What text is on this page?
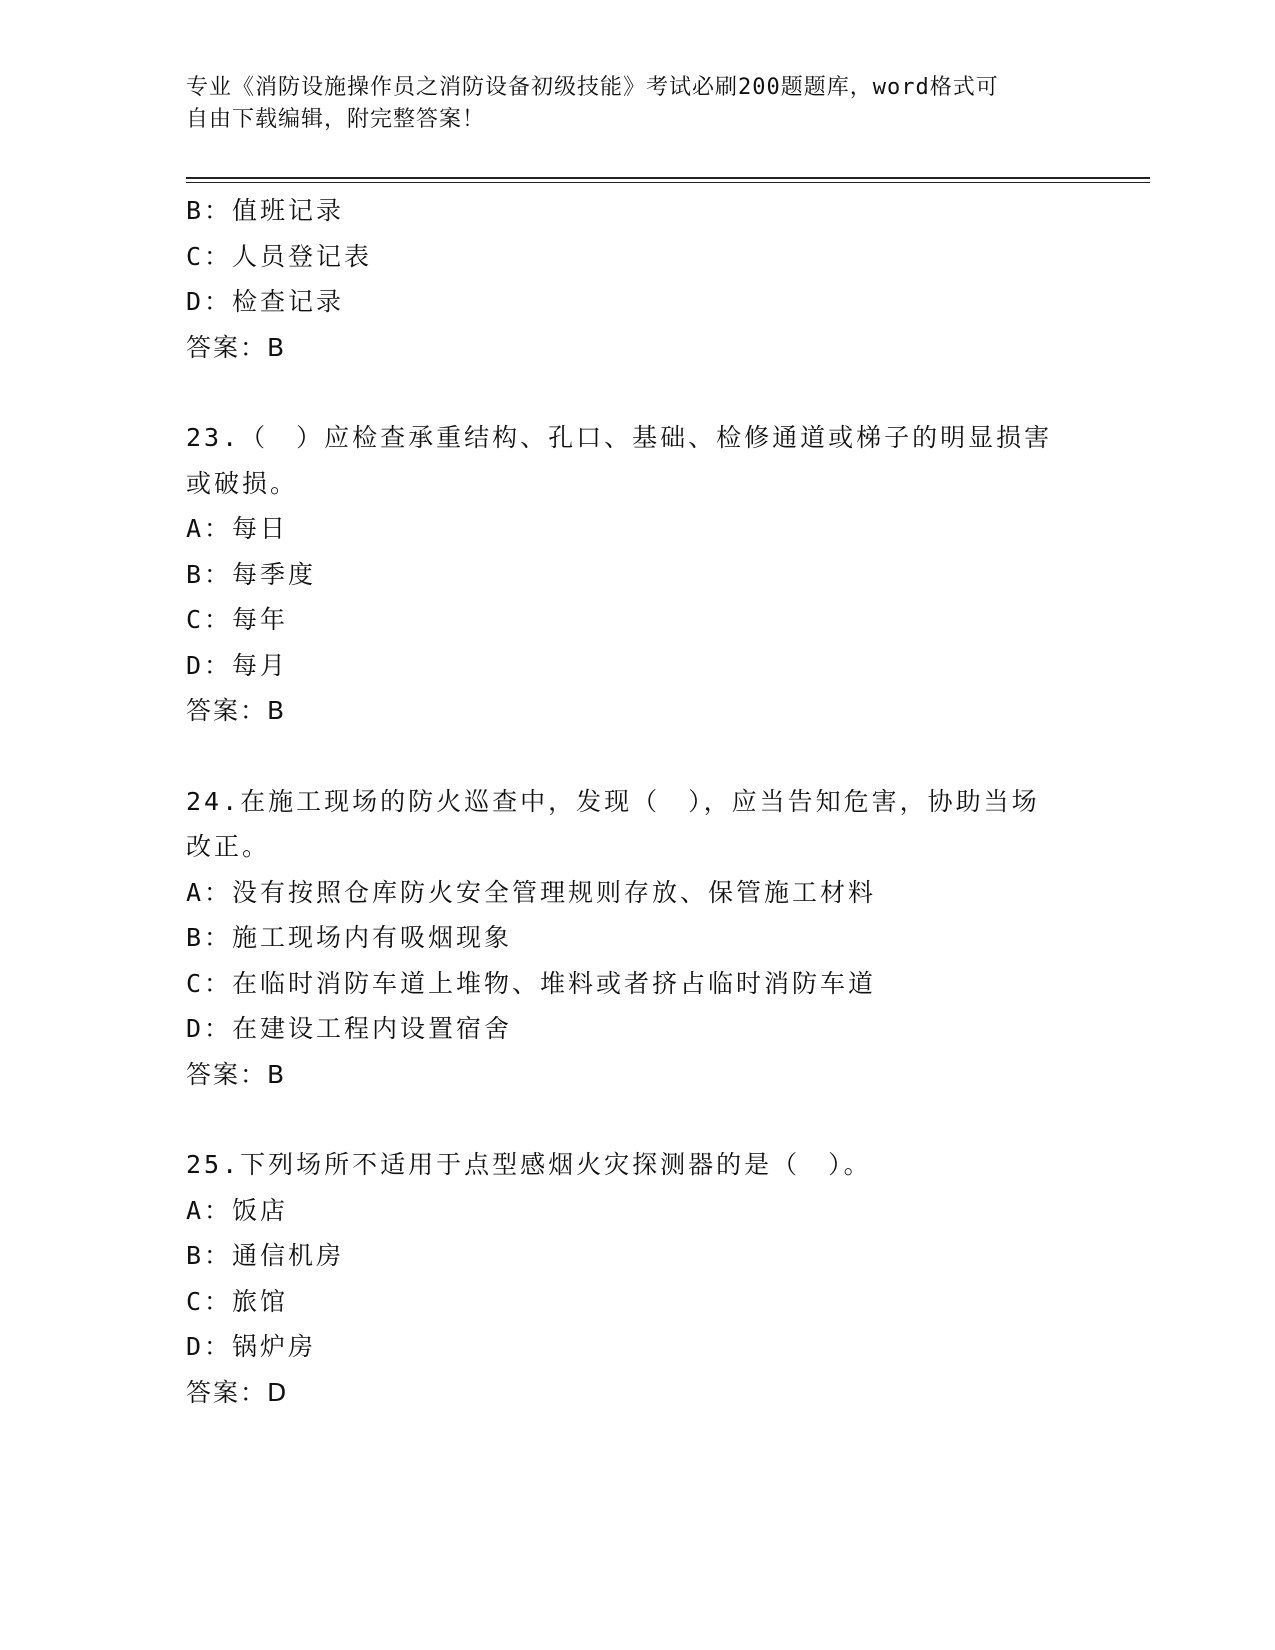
专业《消防设施操作员之消防设备初级技能》考试必刷200题题库，word格式可
自由下载编辑，附完整答案！
B：值班记录
C：人员登记表
D：检查记录
答案：B
23.（　）应检查承重结构、孔口、基础、检修通道或梯子的明显损害
或破损。
A：每日
B：每季度
C：每年
D：每月
答案：B
24.在施工现场的防火巡查中，发现（　），应当告知危害，协助当场
改正。
A：没有按照仓库防火安全管理规则存放、保管施工材料
B：施工现场内有吸烟现象
C：在临时消防车道上堆物、堆料或者挤占临时消防车道
D：在建设工程内设置宿舍
答案：B
25.下列场所不适用于点型感烟火灾探测器的是（　）。
A：饭店
B：通信机房
C：旅馆
D：锅炉房
答案：D
